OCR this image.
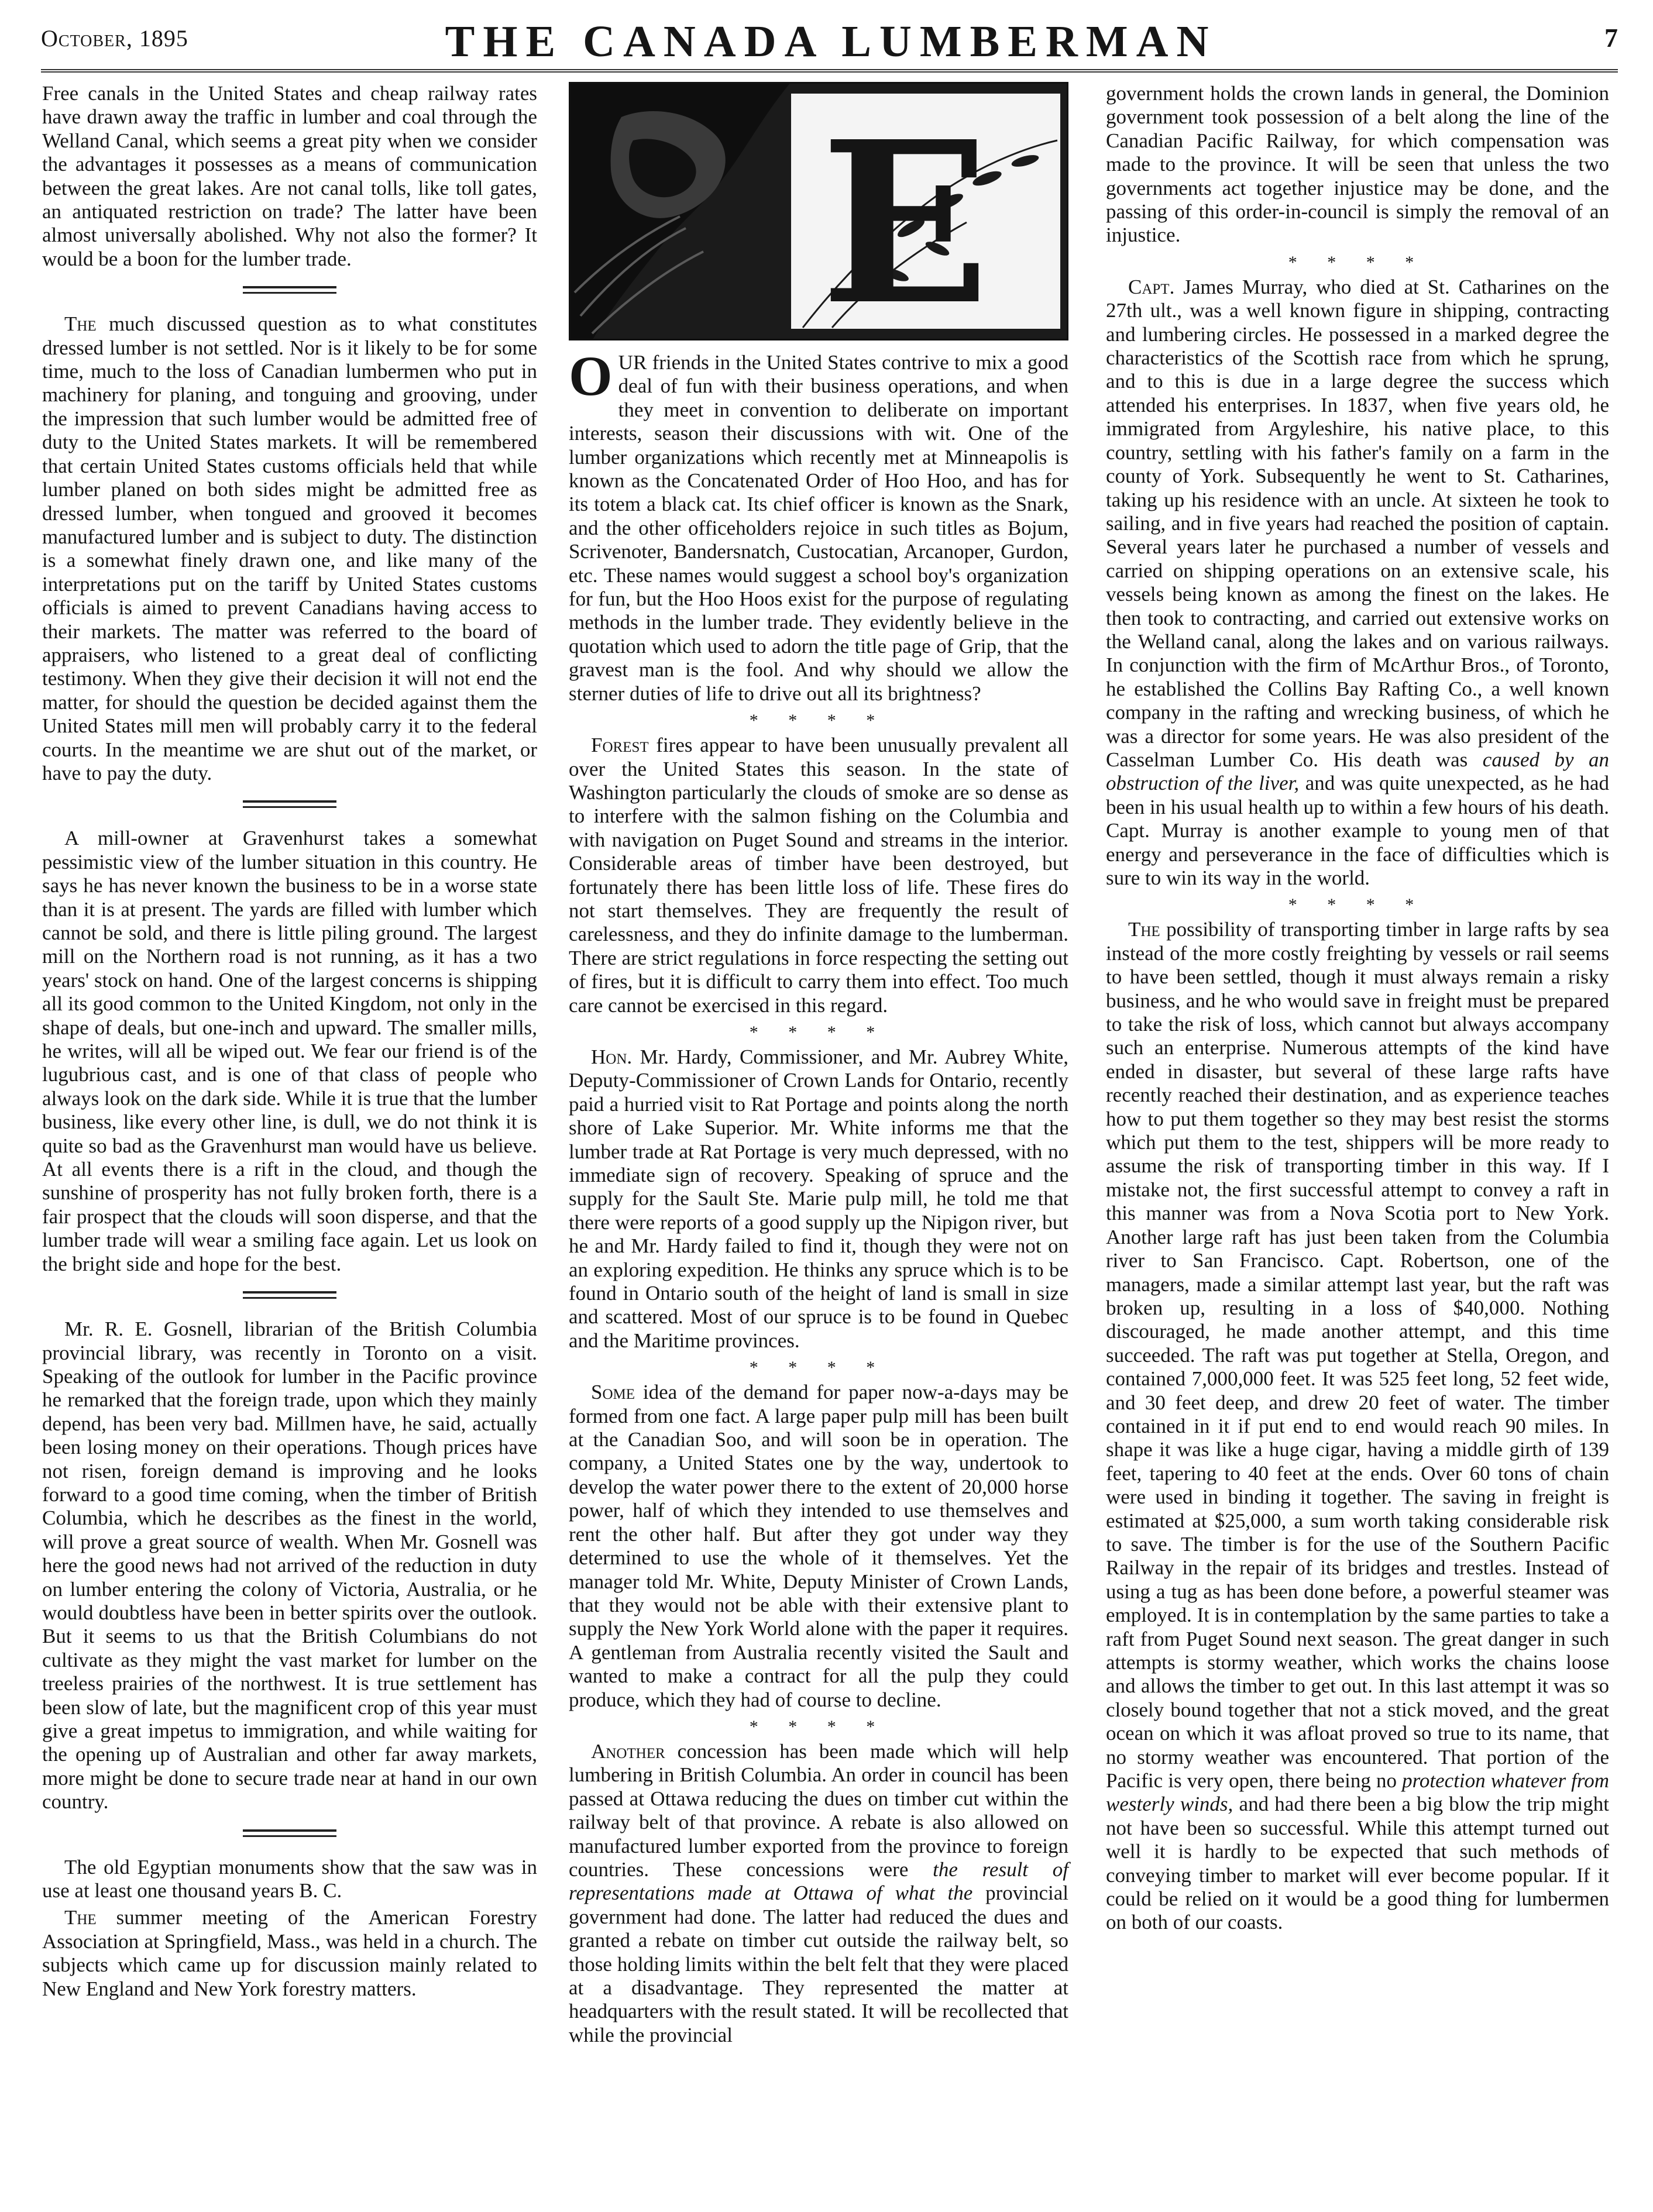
October, 1895	THE CANADA LUMBERMAN	7

Free canals in the United States and cheap railway rates have drawn away the traffic in lumber and coal through the Welland Canal, which seems a great pity when we consider the advantages it possesses as a means of communication between the great lakes. Are not canal tolls, like toll gates, an antiquated restriction on trade? The latter have been almost universally abolished. Why not also the former? It would be a boon for the lumber trade.

The much discussed question as to what constitutes dressed lumber is not settled. Nor is it likely to be for some time, much to the loss of Canadian lumbermen who put in machinery for planing, and tonguing and grooving, under the impression that such lumber would be admitted free of duty to the United States markets. It will be remembered that certain United States customs officials held that while lumber planed on both sides might be admitted free as dressed lumber, when tongued and grooved it becomes manufactured lumber and is subject to duty. The distinction is a somewhat finely drawn one, and like many of the interpretations put on the tariff by United States customs officials is aimed to prevent Canadians having access to their markets. The matter was referred to the board of appraisers, who listened to a great deal of conflicting testimony. When they give their decision it will not end the matter, for should the question be decided against them the United States mill men will probably carry it to the federal courts. In the meantime we are shut out of the market, or have to pay the duty.

A mill-owner at Gravenhurst takes a somewhat pessimistic view of the lumber situation in this country. He says he has never known the business to be in a worse state than it is at present. The yards are filled with lumber which cannot be sold, and there is little piling ground. The largest mill on the Northern road is not running, as it has a two years' stock on hand. One of the largest concerns is shipping all its good common to the United Kingdom, not only in the shape of deals, but one-inch and upward. The smaller mills, he writes, will all be wiped out. We fear our friend is of the lugubrious cast, and is one of that class of people who always look on the dark side. While it is true that the lumber business, like every other line, is dull, we do not think it is quite so bad as the Gravenhurst man would have us believe. At all events there is a rift in the cloud, and though the sunshine of prosperity has not fully broken forth, there is a fair prospect that the clouds will soon disperse, and that the lumber trade will wear a smiling face again. Let us look on the bright side and hope for the best.

Mr. R. E. Gosnell, librarian of the British Columbia provincial library, was recently in Toronto on a visit. Speaking of the outlook for lumber in the Pacific province he remarked that the foreign trade, upon which they mainly depend, has been very bad. Millmen have, he said, actually been losing money on their operations. Though prices have not risen, foreign demand is improving and he looks forward to a good time coming, when the timber of British Columbia, which he describes as the finest in the world, will prove a great source of wealth. When Mr. Gosnell was here the good news had not arrived of the reduction in duty on lumber entering the colony of Victoria, Australia, or he would doubtless have been in better spirits over the outlook. But it seems to us that the British Columbians do not cultivate as they might the vast market for lumber on the treeless prairies of the northwest. It is true settlement has been slow of late, but the magnificent crop of this year must give a great impetus to immigration, and while waiting for the opening up of Australian and other far away markets, more might be done to secure trade near at hand in our own country.

The old Egyptian monuments show that the saw was in use at least one thousand years B. C.

The summer meeting of the American Forestry Association at Springfield, Mass., was held in a church. The subjects which came up for discussion mainly related to New England and New York forestry matters.

E

OUR friends in the United States contrive to mix a good deal of fun with their business operations, and when they meet in convention to deliberate on important interests, season their discussions with wit. One of the lumber organizations which recently met at Minneapolis is known as the Concatenated Order of Hoo Hoo, and has for its totem a black cat. Its chief officer is known as the Snark, and the other officeholders rejoice in such titles as Bojum, Scrivenoter, Bandersnatch, Custocatian, Arcanoper, Gurdon, etc. These names would suggest a school boy's organization for fun, but the Hoo Hoos exist for the purpose of regulating methods in the lumber trade. They evidently believe in the quotation which used to adorn the title page of Grip, that the gravest man is the fool. And why should we allow the sterner duties of life to drive out all its brightness?

* * * *

Forest fires appear to have been unusually prevalent all over the United States this season. In the state of Washington particularly the clouds of smoke are so dense as to interfere with the salmon fishing on the Columbia and with navigation on Puget Sound and streams in the interior. Considerable areas of timber have been destroyed, but fortunately there has been little loss of life. These fires do not start themselves. They are frequently the result of carelessness, and they do infinite damage to the lumberman. There are strict regulations in force respecting the setting out of fires, but it is difficult to carry them into effect. Too much care cannot be exercised in this regard.

* * * *

Hon. Mr. Hardy, Commissioner, and Mr. Aubrey White, Deputy-Commissioner of Crown Lands for Ontario, recently paid a hurried visit to Rat Portage and points along the north shore of Lake Superior. Mr. White informs me that the lumber trade at Rat Portage is very much depressed, with no immediate sign of recovery. Speaking of spruce and the supply for the Sault Ste. Marie pulp mill, he told me that there were reports of a good supply up the Nipigon river, but he and Mr. Hardy failed to find it, though they were not on an exploring expedition. He thinks any spruce which is to be found in Ontario south of the height of land is small in size and scattered. Most of our spruce is to be found in Quebec and the Maritime provinces.

* * * *

Some idea of the demand for paper now-a-days may be formed from one fact. A large paper pulp mill has been built at the Canadian Soo, and will soon be in operation. The company, a United States one by the way, undertook to develop the water power there to the extent of 20,000 horse power, half of which they intended to use themselves and rent the other half. But after they got under way they determined to use the whole of it themselves. Yet the manager told Mr. White, Deputy Minister of Crown Lands, that they would not be able with their extensive plant to supply the New York World alone with the paper it requires. A gentleman from Australia recently visited the Sault and wanted to make a contract for all the pulp they could produce, which they had of course to decline.

* * * *

Another concession has been made which will help lumbering in British Columbia. An order in council has been passed at Ottawa reducing the dues on timber cut within the railway belt of that province. A rebate is also allowed on manufactured lumber exported from the province to foreign countries. These concessions were the result of representations made at Ottawa of what the provincial government had done. The latter had reduced the dues and granted a rebate on timber cut outside the railway belt, so those holding limits within the belt felt that they were placed at a disadvantage. They represented the matter at headquarters with the result stated. It will be recollected that while the provincial

government holds the crown lands in general, the Dominion government took possession of a belt along the line of the Canadian Pacific Railway, for which compensation was made to the province. It will be seen that unless the two governments act together injustice may be done, and the passing of this order-in-council is simply the removal of an injustice.

* * * *

Capt. James Murray, who died at St. Catharines on the 27th ult., was a well known figure in shipping, contracting and lumbering circles. He possessed in a marked degree the characteristics of the Scottish race from which he sprung, and to this is due in a large degree the success which attended his enterprises. In 1837, when five years old, he immigrated from Argyleshire, his native place, to this country, settling with his father's family on a farm in the county of York. Subsequently he went to St. Catharines, taking up his residence with an uncle. At sixteen he took to sailing, and in five years had reached the position of captain. Several years later he purchased a number of vessels and carried on shipping operations on an extensive scale, his vessels being known as among the finest on the lakes. He then took to contracting, and carried out extensive works on the Welland canal, along the lakes and on various railways. In conjunction with the firm of McArthur Bros., of Toronto, he established the Collins Bay Rafting Co., a well known company in the rafting and wrecking business, of which he was a director for some years. He was also president of the Casselman Lumber Co. His death was caused by an obstruction of the liver, and was quite unexpected, as he had been in his usual health up to within a few hours of his death. Capt. Murray is another example to young men of that energy and perseverance in the face of difficulties which is sure to win its way in the world.

* * * *

The possibility of transporting timber in large rafts by sea instead of the more costly freighting by vessels or rail seems to have been settled, though it must always remain a risky business, and he who would save in freight must be prepared to take the risk of loss, which cannot but always accompany such an enterprise. Numerous attempts of the kind have ended in disaster, but several of these large rafts have recently reached their destination, and as experience teaches how to put them together so they may best resist the storms which put them to the test, shippers will be more ready to assume the risk of transporting timber in this way. If I mistake not, the first successful attempt to convey a raft in this manner was from a Nova Scotia port to New York. Another large raft has just been taken from the Columbia river to San Francisco. Capt. Robertson, one of the managers, made a similar attempt last year, but the raft was broken up, resulting in a loss of $40,000. Nothing discouraged, he made another attempt, and this time succeeded. The raft was put together at Stella, Oregon, and contained 7,000,000 feet. It was 525 feet long, 52 feet wide, and 30 feet deep, and drew 20 feet of water. The timber contained in it if put end to end would reach 90 miles. In shape it was like a huge cigar, having a middle girth of 139 feet, tapering to 40 feet at the ends. Over 60 tons of chain were used in binding it together. The saving in freight is estimated at $25,000, a sum worth taking considerable risk to save. The timber is for the use of the Southern Pacific Railway in the repair of its bridges and trestles. Instead of using a tug as has been done before, a powerful steamer was employed. It is in contemplation by the same parties to take a raft from Puget Sound next season. The great danger in such attempts is stormy weather, which works the chains loose and allows the timber to get out. In this last attempt it was so closely bound together that not a stick moved, and the great ocean on which it was afloat proved so true to its name, that no stormy weather was encountered. That portion of the Pacific is very open, there being no protection whatever from westerly winds, and had there been a big blow the trip might not have been so successful. While this attempt turned out well it is hardly to be expected that such methods of conveying timber to market will ever become popular. If it could be relied on it would be a good thing for lumbermen on both of our coasts.
